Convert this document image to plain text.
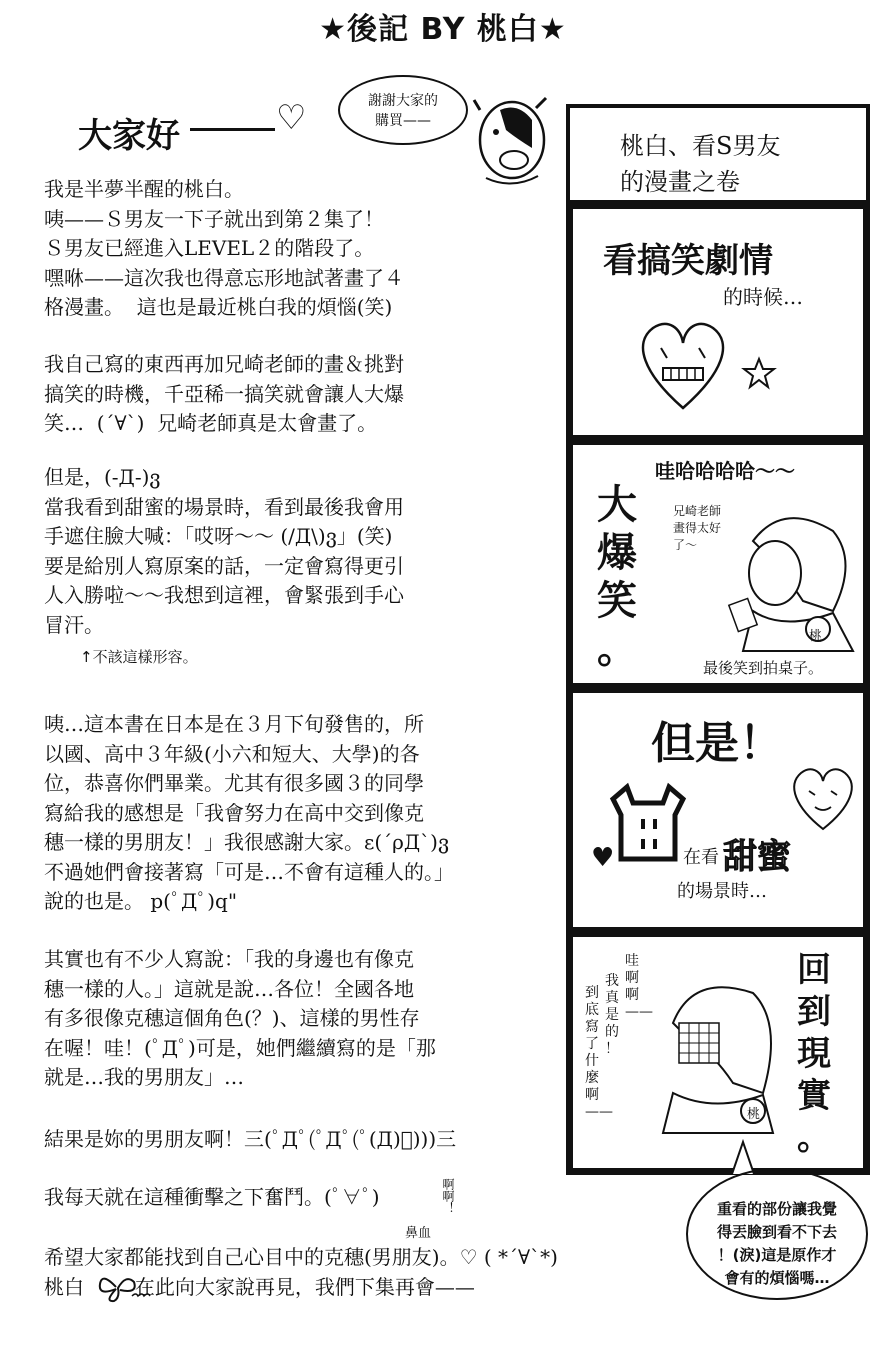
★後記 BY 桃白★
大家好	♡	謝謝大家的
購買——

我是半夢半醒的桃白。

咦——Ｓ男友一下子就出到第２集了！

Ｓ男友已經進入LEVEL２的階段了。

嘿咻——這次我也得意忘形地試著畫了４

格漫畫。  這也是最近桃白我的煩惱(笑)

我自己寫的東西再加兄崎老師的畫＆挑對

搞笑的時機，千亞稀一搞笑就會讓人大爆

笑…  (´∀`)  兄崎老師真是太會畫了。

但是，(-Д-)ვ

當我看到甜蜜的場景時，看到最後我會用

手遮住臉大喊：「哎呀～～ (/Д\)ვ」(笑)

要是給別人寫原案的話，一定會寫得更引

人入勝啦～～我想到這裡，會緊張到手心

冒汗。

↑不該這樣形容。

咦…這本書在日本是在３月下旬發售的，所

以國、高中３年級(小六和短大、大學)的各

位，恭喜你們畢業。尤其有很多國３的同學

寫給我的感想是「我會努力在高中交到像克

穗一樣的男朋友！」我很感謝大家。ε(´ρД`)ვ

不過她們會接著寫「可是…不會有這種人的。」

說的也是。 p(ﾟДﾟ)q"

其實也有不少人寫說：「我的身邊也有像克

穗一樣的人。」這就是說…各位！全國各地

有多很像克穗這個角色(？)、這樣的男性存

在喔！哇！(ﾟДﾟ)可是，她們繼續寫的是「那

就是…我的男朋友」…

結果是妳的男朋友啊！三(ﾟДﾟ(ﾟДﾟ(ﾟ(Д)ﾟ)))三

我每天就在這種衝擊之下奮鬥。(ﾟ∀ﾟ)	啊啊！
鼻血

希望大家都能找到自己心目中的克穗(男朋友)。♡ ( *´∀`*)

桃白        在此向大家說再見，我們下集再會——

桃白、看S男友
的漫畫之卷
看搞笑劇情
的時候…
哇哈哈哈哈～～
大
爆
笑
。
兄崎老師
畫得太好
了～
桃
最後笑到拍桌子。
但是！
在看 甜蜜
的場景時…
♥
哇
啊
啊
——
我
真
是
的
！
到
底
寫
了
什
麼
啊
——	桃
回
到
現
實
。
重看的部份讓我覺
得丟臉到看不下去
！(淚)這是原作才
會有的煩惱嗎…
